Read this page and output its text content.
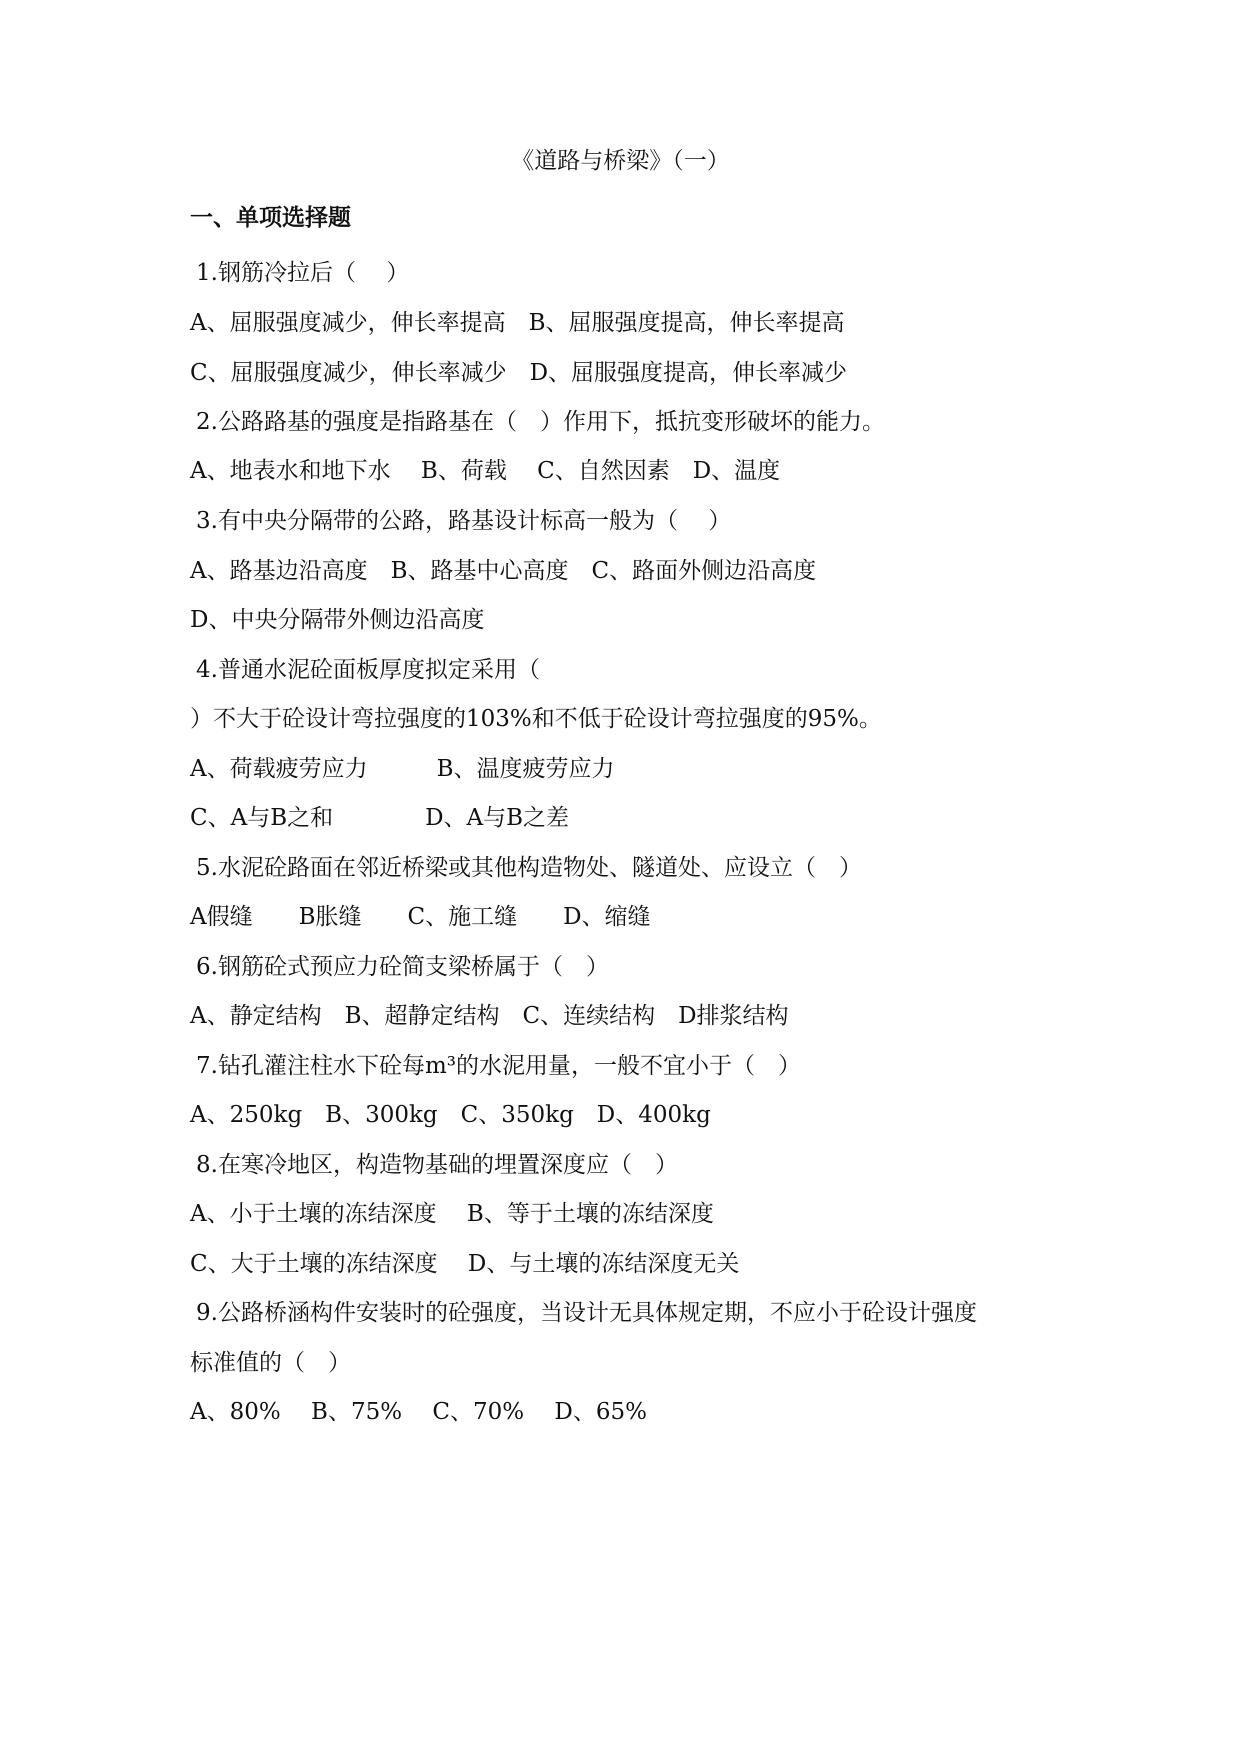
《道路与桥梁》（一）
一、单项选择题
1.钢筋冷拉后（　 ）
A、屈服强度减少，伸长率提高　B、屈服强度提高，伸长率提高
C、屈服强度减少，伸长率减少　D、屈服强度提高，伸长率减少
2.公路路基的强度是指路基在（　）作用下，抵抗变形破坏的能力。
A、地表水和地下水　 B、荷载　 C、自然因素　D、温度
3.有中央分隔带的公路，路基设计标高一般为（　 ）
A、路基边沿高度　B、路基中心高度　C、路面外侧边沿高度
D、中央分隔带外侧边沿高度
4.普通水泥砼面板厚度拟定采用（
）不大于砼设计弯拉强度的103%和不低于砼设计弯拉强度的95%。
A、荷载疲劳应力　　　B、温度疲劳应力
C、A与B之和　　　　D、A与B之差
5.水泥砼路面在邻近桥梁或其他构造物处、隧道处、应设立（　）
A假缝　　B胀缝　　C、施工缝　　D、缩缝
6.钢筋砼式预应力砼简支梁桥属于（　）
A、静定结构　B、超静定结构　C、连续结构　D排浆结构
7.钻孔灌注柱水下砼每m³的水泥用量，一般不宜小于（　）
A、250kg　B、300kg　C、350kg　D、400kg
8.在寒冷地区，构造物基础的埋置深度应（　）
A、小于土壤的冻结深度　 B、等于土壤的冻结深度
C、大于土壤的冻结深度　 D、与土壤的冻结深度无关
9.公路桥涵构件安装时的砼强度，当设计无具体规定期，不应小于砼设计强度
标准值的（　）
A、80%　 B、75%　 C、70%　 D、65%
